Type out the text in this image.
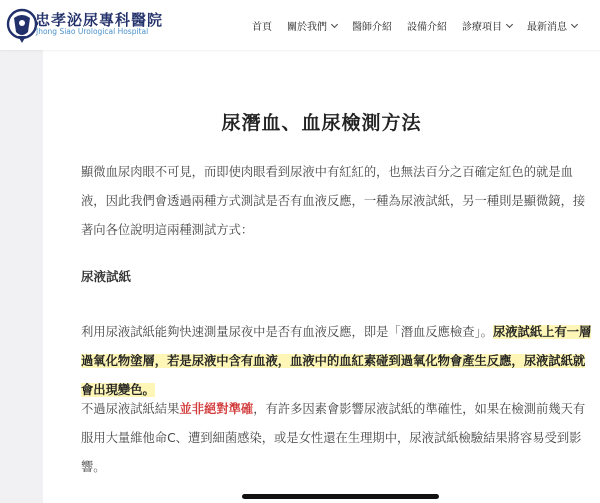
忠孝泌尿專科醫院
Jhong Siao Urological Hospital	首頁 關於我們	醫師介紹 設備介紹 診療項目	最新消息
尿潛血、血尿檢測方法

顯微血尿肉眼不可見，而即使肉眼看到尿液中有紅紅的，也無法百分之百確定紅色的就是血液，因此我們會透過兩種方式測試是否有血液反應，一種為尿液試紙，另一種則是顯微鏡，接著向各位說明這兩種測試方式：

尿液試紙

利用尿液試紙能夠快速測量尿夜中是否有血液反應，即是「潛血反應檢查」。尿液試紙上有一層過氧化物塗層，若是尿液中含有血液，血液中的血紅素碰到過氧化物會產生反應，尿液試紙就會出現變色。

不過尿液試紙結果並非絕對準確，有許多因素會影響尿液試紙的準確性，如果在檢測前幾天有服用大量維他命C、遭到細菌感染，或是女性還在生理期中，尿液試紙檢驗結果將容易受到影響。
